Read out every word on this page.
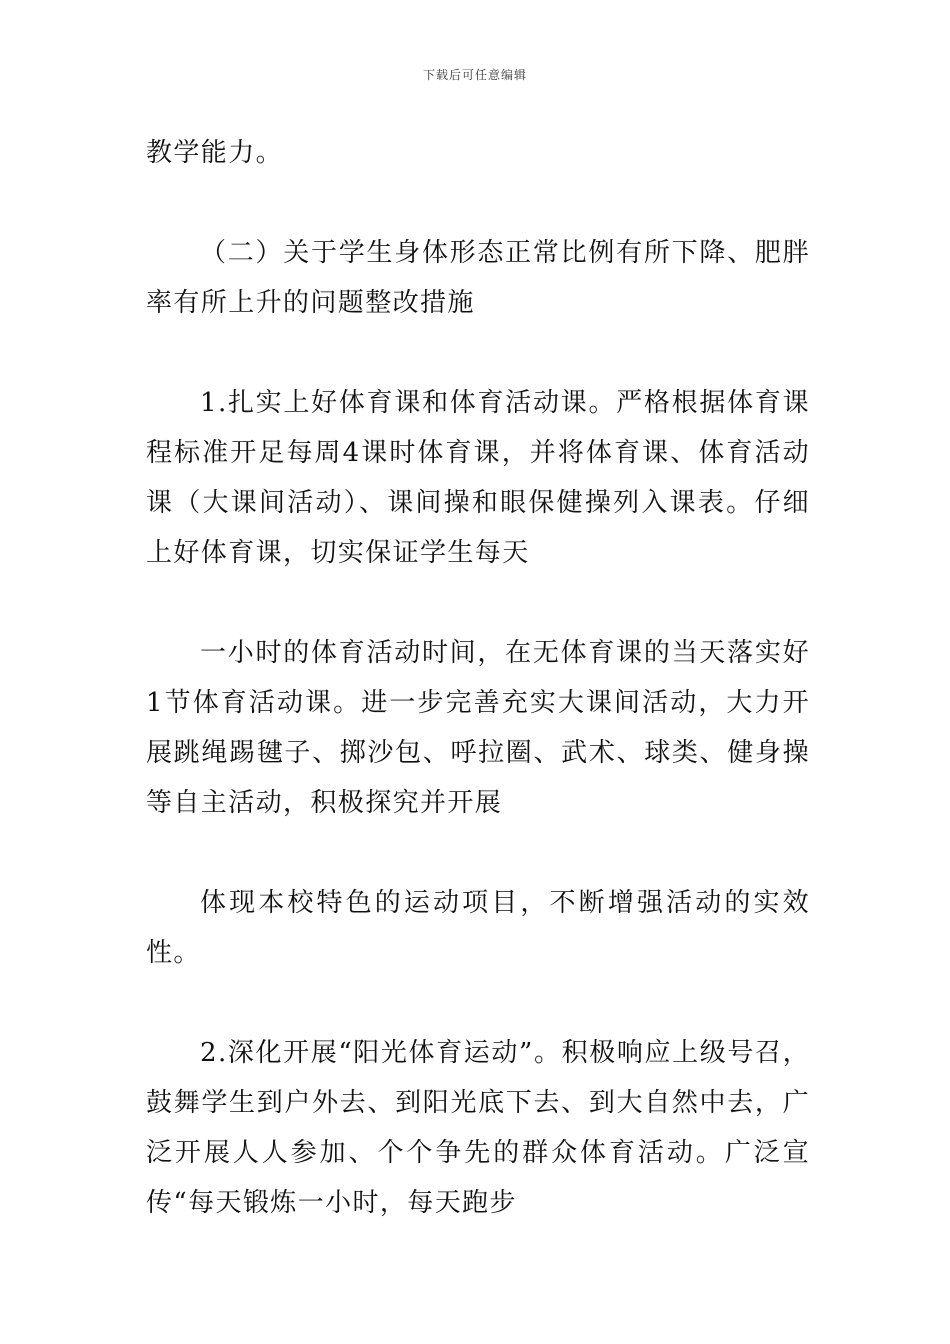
下载后可任意编辑

教学能力。

（二）关于学生身体形态正常比例有所下降、肥胖率有所上升的问题整改措施

1.扎实上好体育课和体育活动课。严格根据体育课程标准开足每周4课时体育课，并将体育课、体育活动课（大课间活动）、课间操和眼保健操列入课表。仔细上好体育课，切实保证学生每天

一小时的体育活动时间，在无体育课的当天落实好1节体育活动课。进一步完善充实大课间活动，大力开展跳绳踢毽子、掷沙包、呼拉圈、武术、球类、健身操等自主活动，积极探究并开展

体现本校特色的运动项目，不断增强活动的实效性。

2.深化开展“阳光体育运动”。积极响应上级号召，鼓舞学生到户外去、到阳光底下去、到大自然中去，广泛开展人人参加、个个争先的群众体育活动。广泛宣传“每天锻炼一小时，每天跑步
